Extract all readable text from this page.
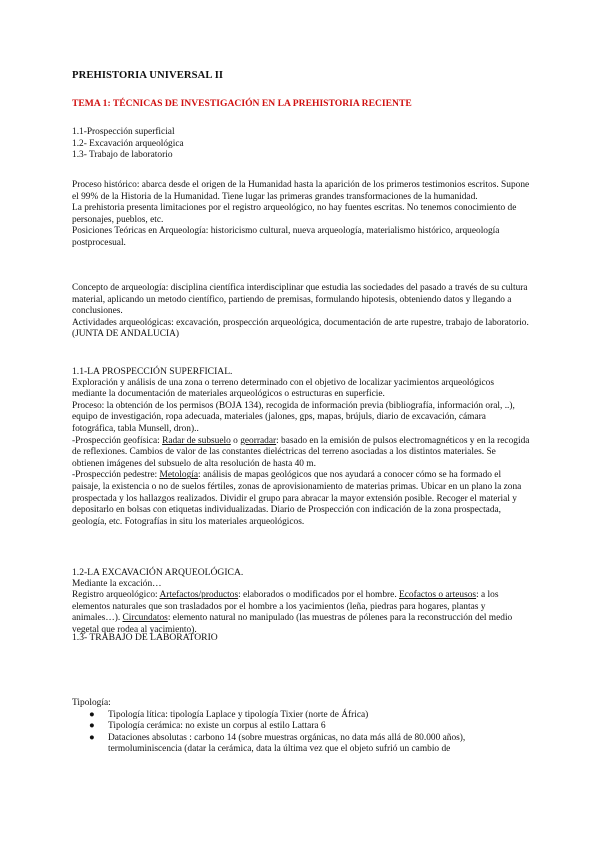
PREHISTORIA UNIVERSAL II
TEMA 1: TÉCNICAS DE INVESTIGACIÓN EN LA PREHISTORIA RECIENTE

1.1-Prospección superficial

1.2- Excavación arqueológica

1.3- Trabajo de laboratorio

Proceso histórico: abarca desde el origen de la Humanidad hasta la aparición de los primeros testimonios escritos. Supone el 99% de la Historia de la Humanidad. Tiene lugar las primeras grandes transformaciones de la humanidad.

La prehistoria presenta limitaciones por el registro arqueológico, no hay fuentes escritas. No tenemos conocimiento de personajes, pueblos, etc.

Posiciones Teóricas en Arqueología: historicismo cultural, nueva arqueología, materialismo histórico, arqueología postprocesual.

Concepto de arqueología: disciplina científica interdisciplinar que estudia las sociedades del pasado a través de su cultura material, aplicando un metodo científico, partiendo de premisas, formulando hipotesis, obteniendo datos y llegando a conclusiones.

Actividades arqueológicas: excavación, prospección arqueológica, documentación de arte rupestre, trabajo de laboratorio. (JUNTA DE ANDALUCIA)

1.1-LA PROSPECCIÓN SUPERFICIAL.

Exploración y análisis de una zona o terreno determinado con el objetivo de localizar yacimientos arqueológicos mediante la documentación de materiales arqueológicos o estructuras en superficie.

Proceso: la obtención de los permisos (BOJA 134), recogida de información previa (bibliografía, información oral, ..), equipo de investigación, ropa adecuada, materiales (jalones, gps, mapas, brújuls, diario de excavación, cámara fotográfica, tabla Munsell, dron)..

-Prospección geofísica: Radar de subsuelo o georradar: basado en la emisión de pulsos electromagnéticos y en la recogida de reflexiones. Cambios de valor de las constantes dieléctricas del terreno asociadas a los distintos materiales. Se obtienen imágenes del subsuelo de alta resolución de hasta 40 m.

-Prospección pedestre: Metología: análisis de mapas geológicos que nos ayudará a conocer cómo se ha formado el paisaje, la existencia o no de suelos fértiles, zonas de aprovisionamiento de materias primas. Ubicar en un plano la zona prospectada y los hallazgos realizados. Dividir el grupo para abracar la mayor extensión posible. Recoger el material y depositarlo en bolsas con etiquetas individualizadas. Diario de Prospección con indicación de la zona prospectada, geología, etc. Fotografías in situ los materiales arqueológicos.

1.2-LA EXCAVACIÓN ARQUEOLÓGICA.

Mediante la excación…

Registro arqueológico: Artefactos/productos: elaborados o modificados por el hombre. Ecofactos o arteusos: a los elementos naturales que son trasladados por el hombre a los yacimientos (leña, piedras para hogares, plantas y animales…). Circundatos: elemento natural no manipulado (las muestras de pólenes para la reconstrucción del medio vegetal que rodea al yacimiento).

1.3- TRABAJO DE LABORATORIO

Tipología:

● Tipología lítica: tipología Laplace y tipología Tixier (norte de África)
● Tipología cerámica: no existe un corpus al estilo Lattara 6
● Dataciones absolutas : carbono 14 (sobre muestras orgánicas, no data más allá de 80.000 años), termoluminiscencia (datar la cerámica, data la última vez que el objeto sufrió un cambio de
